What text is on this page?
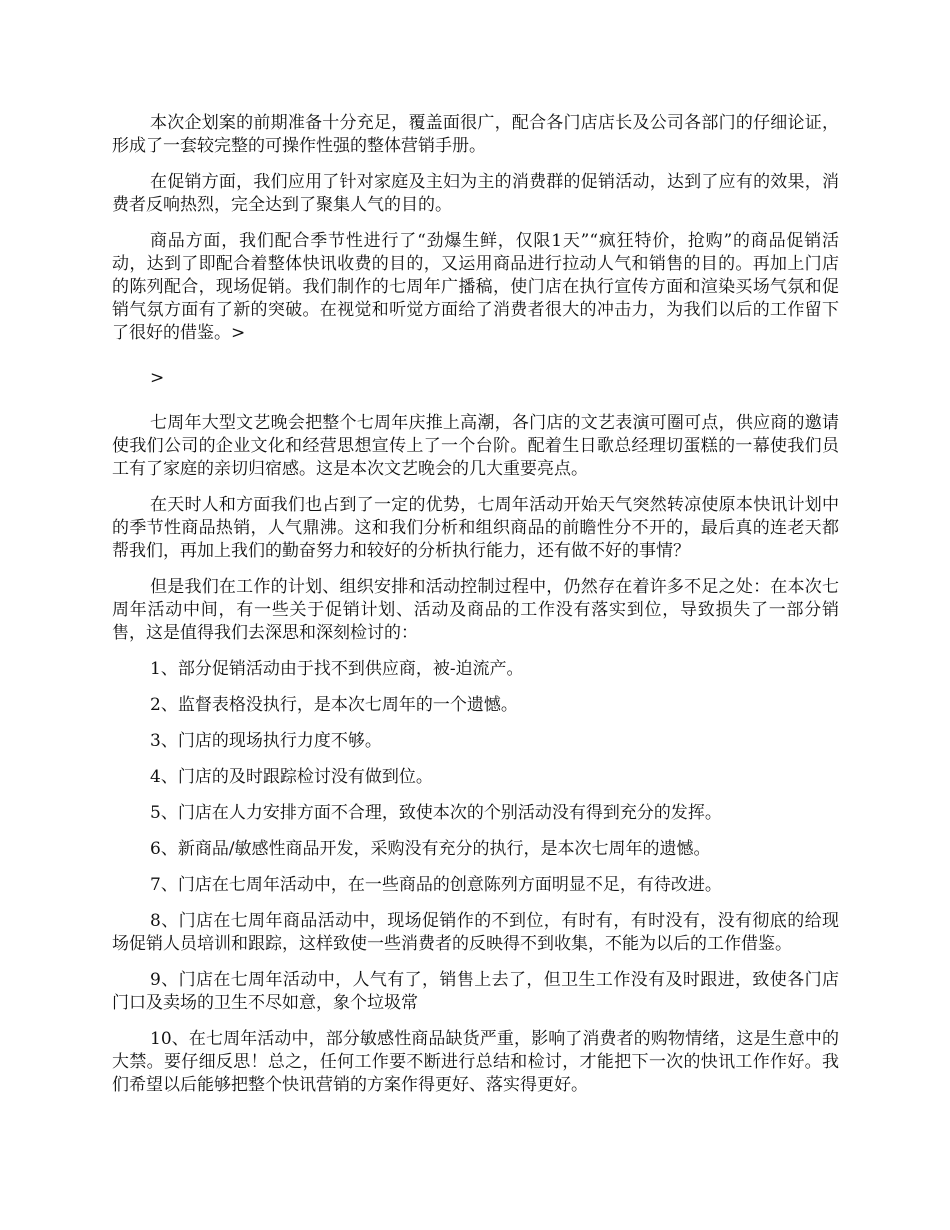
本次企划案的前期准备十分充足，覆盖面很广，配合各门店店长及公司各部门的仔细论证，形成了一套较完整的可操作性强的整体营销手册。

在促销方面，我们应用了针对家庭及主妇为主的消费群的促销活动，达到了应有的效果，消费者反响热烈，完全达到了聚集人气的目的。

商品方面，我们配合季节性进行了“劲爆生鲜，仅限1天”“疯狂特价，抢购”的商品促销活动，达到了即配合着整体快讯收费的目的，又运用商品进行拉动人气和销售的目的。再加上门店的陈列配合，现场促销。我们制作的七周年广播稿，使门店在执行宣传方面和渲染买场气氛和促销气氛方面有了新的突破。在视觉和听觉方面给了消费者很大的冲击力，为我们以后的工作留下了很好的借鉴。>

>

七周年大型文艺晚会把整个七周年庆推上高潮，各门店的文艺表演可圈可点，供应商的邀请使我们公司的企业文化和经营思想宣传上了一个台阶。配着生日歌总经理切蛋糕的一幕使我们员工有了家庭的亲切归宿感。这是本次文艺晚会的几大重要亮点。

在天时人和方面我们也占到了一定的优势，七周年活动开始天气突然转凉使原本快讯计划中的季节性商品热销，人气鼎沸。这和我们分析和组织商品的前瞻性分不开的，最后真的连老天都帮我们，再加上我们的勤奋努力和较好的分析执行能力，还有做不好的事情？

但是我们在工作的计划、组织安排和活动控制过程中，仍然存在着许多不足之处：在本次七周年活动中间，有一些关于促销计划、活动及商品的工作没有落实到位，导致损失了一部分销售，这是值得我们去深思和深刻检讨的：

1、部分促销活动由于找不到供应商，被-迫流产。

2、监督表格没执行，是本次七周年的一个遗憾。

3、门店的现场执行力度不够。

4、门店的及时跟踪检讨没有做到位。

5、门店在人力安排方面不合理，致使本次的个别活动没有得到充分的发挥。

6、新商品/敏感性商品开发，采购没有充分的执行，是本次七周年的遗憾。

7、门店在七周年活动中，在一些商品的创意陈列方面明显不足，有待改进。

8、门店在七周年商品活动中，现场促销作的不到位，有时有，有时没有，没有彻底的给现场促销人员培训和跟踪，这样致使一些消费者的反映得不到收集，不能为以后的工作借鉴。

9、门店在七周年活动中，人气有了，销售上去了，但卫生工作没有及时跟进，致使各门店门口及卖场的卫生不尽如意，象个垃圾常

10、在七周年活动中，部分敏感性商品缺货严重，影响了消费者的购物情绪，这是生意中的大禁。要仔细反思！总之，任何工作要不断进行总结和检讨，才能把下一次的快讯工作作好。我们希望以后能够把整个快讯营销的方案作得更好、落实得更好。
